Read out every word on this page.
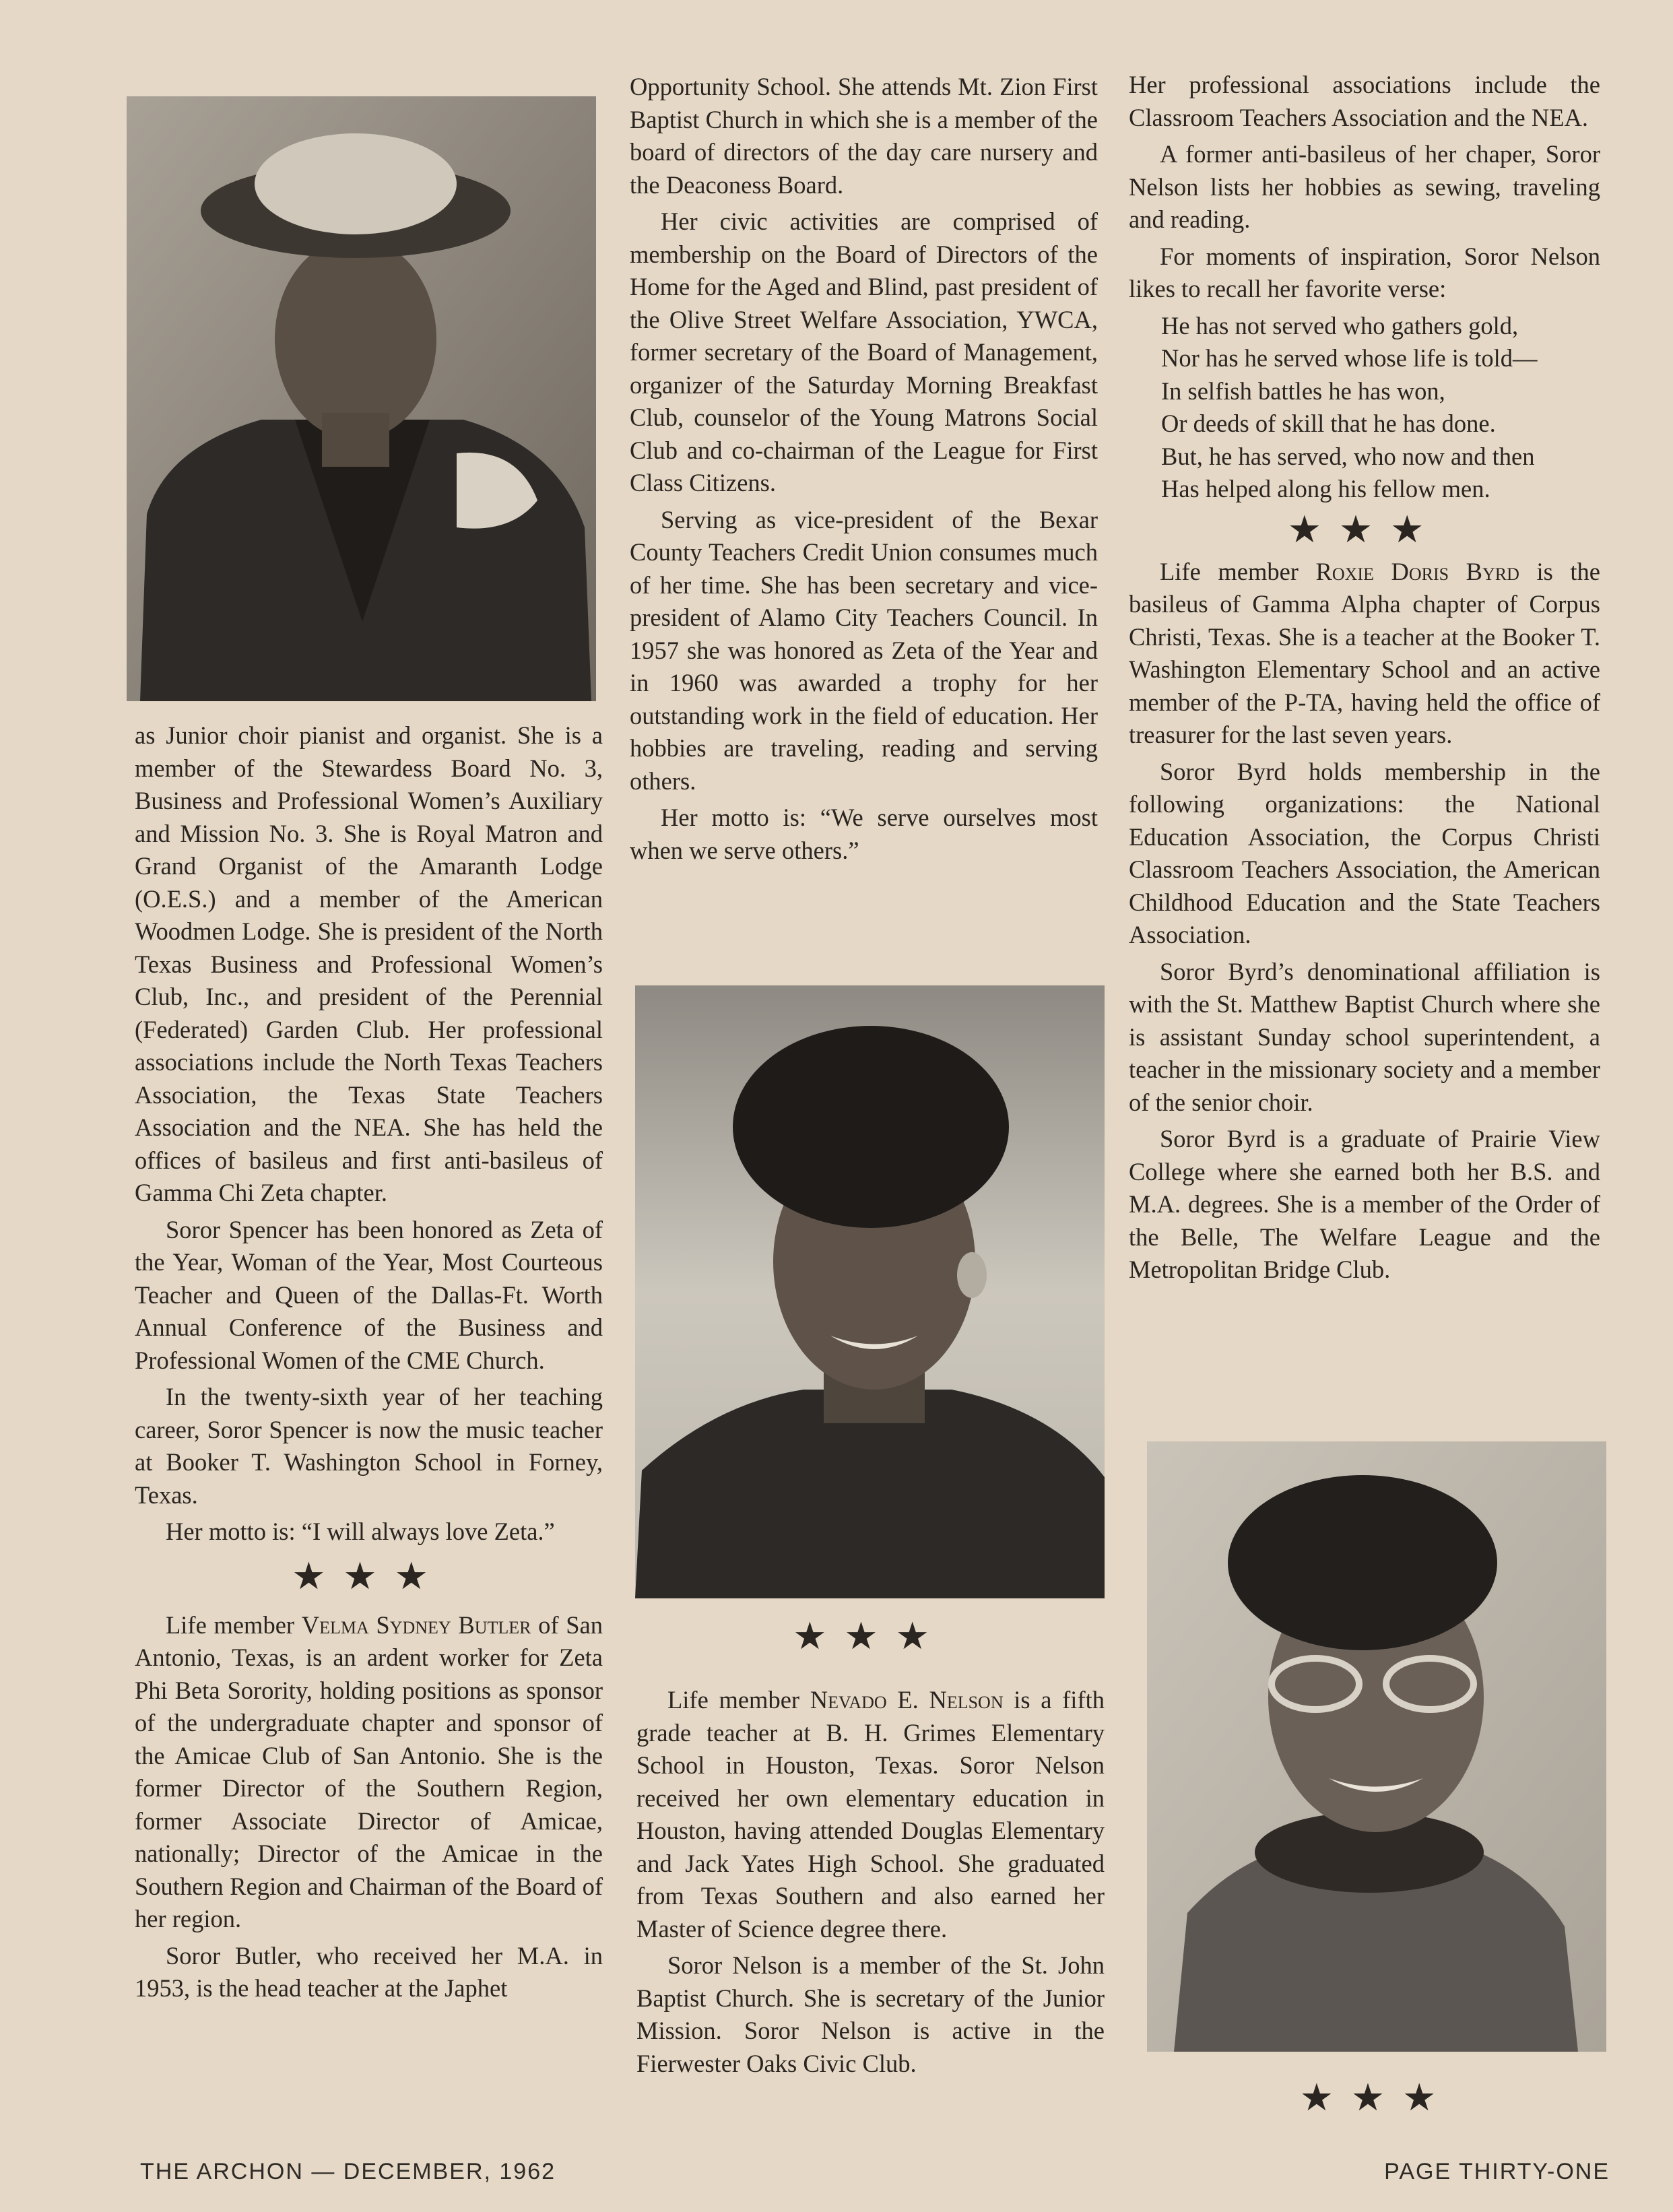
as Junior choir pianist and organist. She is a member of the Stewardess Board No. 3, Business and Professional Women’s Auxiliary and Mission No. 3. She is Royal Matron and Grand Organist of the Amaranth Lodge (O.E.S.) and a member of the American Woodmen Lodge. She is president of the North Texas Business and Professional Women’s Club, Inc., and president of the Perennial (Federated) Garden Club. Her professional associations include the North Texas Teachers Association, the Texas State Teachers Association and the NEA. She has held the offices of basileus and first anti-basileus of Gamma Chi Zeta chapter.

Soror Spencer has been honored as Zeta of the Year, Woman of the Year, Most Courteous Teacher and Queen of the Dallas-Ft. Worth Annual Conference of the Business and Professional Women of the CME Church.

In the twenty-sixth year of her teaching career, Soror Spencer is now the music teacher at Booker T. Washington School in Forney, Texas.

Her motto is: “I will always love Zeta.”

★★★

Life member Velma Sydney Butler of San Antonio, Texas, is an ardent worker for Zeta Phi Beta Sorority, holding positions as sponsor of the undergraduate chapter and sponsor of the Amicae Club of San Antonio. She is the former Director of the Southern Region, former Associate Director of Amicae, nationally; Director of the Amicae in the Southern Region and Chairman of the Board of her region.

Soror Butler, who received her M.A. in 1953, is the head teacher at the Japhet

Opportunity School. She attends Mt. Zion First Baptist Church in which she is a member of the board of directors of the day care nursery and the Deaconess Board.

Her civic activities are comprised of membership on the Board of Directors of the Home for the Aged and Blind, past president of the Olive Street Welfare Association, YWCA, former secretary of the Board of Management, organizer of the Saturday Morning Breakfast Club, counselor of the Young Matrons Social Club and co-chairman of the League for First Class Citizens.

Serving as vice-president of the Bexar County Teachers Credit Union consumes much of her time. She has been secretary and vice-president of Alamo City Teachers Council. In 1957 she was honored as Zeta of the Year and in 1960 was awarded a trophy for her outstanding work in the field of education. Her hobbies are traveling, reading and serving others.

Her motto is: “We serve ourselves most when we serve others.”

★★★

Life member Nevado E. Nelson is a fifth grade teacher at B. H. Grimes Elementary School in Houston, Texas. Soror Nelson received her own elementary education in Houston, having attended Douglas Elementary and Jack Yates High School. She graduated from Texas Southern and also earned her Master of Science degree there.

Soror Nelson is a member of the St. John Baptist Church. She is secretary of the Junior Mission. Soror Nelson is active in the Fierwester Oaks Civic Club.

Her professional associations include the Classroom Teachers Association and the NEA.

A former anti-basileus of her chaper, Soror Nelson lists her hobbies as sewing, traveling and reading.

For moments of inspiration, Soror Nelson likes to recall her favorite verse:

He has not served who gathers gold,

Nor has he served whose life is told—

In selfish battles he has won,

Or deeds of skill that he has done.

But, he has served, who now and then

Has helped along his fellow men.

★★★

Life member Roxie Doris Byrd is the basileus of Gamma Alpha chapter of Corpus Christi, Texas. She is a teacher at the Booker T. Washington Elementary School and an active member of the P-TA, having held the office of treasurer for the last seven years.

Soror Byrd holds membership in the following organizations: the National Education Association, the Corpus Christi Classroom Teachers Association, the American Childhood Education and the State Teachers Association.

Soror Byrd’s denominational affiliation is with the St. Matthew Baptist Church where she is assistant Sunday school superintendent, a teacher in the missionary society and a member of the senior choir.

Soror Byrd is a graduate of Prairie View College where she earned both her B.S. and M.A. degrees. She is a member of the Order of the Belle, The Welfare League and the Metropolitan Bridge Club.

★★★
THE ARCHON — DECEMBER, 1962	PAGE THIRTY-ONE
